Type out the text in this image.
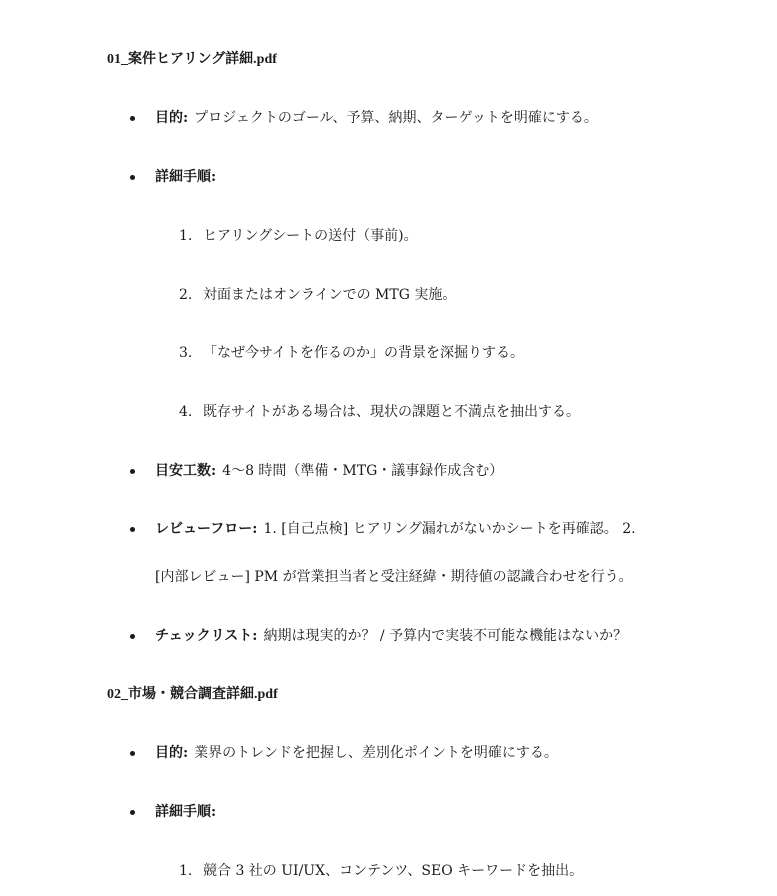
01_案件ヒアリング詳細.pdf
目的: プロジェクトのゴール、予算、納期、ターゲットを明確にする。
詳細手順:
1. ヒアリングシートの送付（事前)。
2. 対面またはオンラインでの MTG 実施。
3. 「なぜ今サイトを作るのか」の背景を深掘りする。
4. 既存サイトがある場合は、現状の課題と不満点を抽出する。
目安工数: 4〜8 時間（準備・MTG・議事録作成含む）
レビューフロー: 1. [自己点検] ヒアリング漏れがないかシートを再確認。 2.
[内部レビュー] PM が営業担当者と受注経緯・期待値の認識合わせを行う。
チェックリスト: 納期は現実的か？ / 予算内で実装不可能な機能はないか？
02_市場・競合調査詳細.pdf
目的: 業界のトレンドを把握し、差別化ポイントを明確にする。
詳細手順:
1. 競合 3 社の UI/UX、コンテンツ、SEO キーワードを抽出。
